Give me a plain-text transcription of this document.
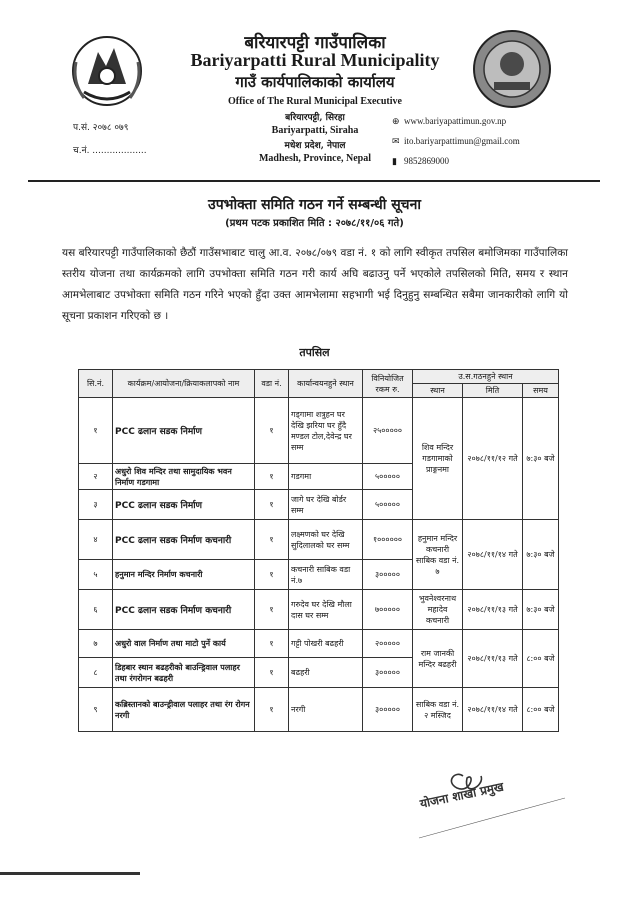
बरियारपट्टी गाउँपालिका
Bariyarpatti Rural Municipality
गाउँ कार्यपालिकाको कार्यालय
Office of The Rural Municipal Executive
बरियारपट्टी, सिरहा
Bariyarpatti, Siraha
मधेश प्रदेश, नेपाल
Madhesh, Province, Nepal
प.सं. २०७८ ०७९
च.नं. ...................
⊕ www.bariyapattimun.gov.np
✉ ito.bariyarpattimun@gmail.com
▮ 9852869000
उपभोक्ता समिति गठन गर्ने सम्बन्धी सूचना
(प्रथम पटक प्रकाशित मिति : २०७८/११/०६ गते)
यस बरियारपट्टी गाउँपालिकाको छैठौं गाउँसभाबाट चालु आ.व. २०७८/०७९ वडा नं. १ को लागि स्वीकृत तपसिल बमोजिमका गाउँपालिका स्तरीय योजना तथा कार्यक्रमको लागि उपभोक्ता समिति गठन गरी कार्य अघि बढाउनु पर्ने भएकोले तपसिलको मिति, समय र स्थान आमभेलाबाट उपभोक्ता समिति गठन गरिने भएको हुँदा उक्त आमभेलामा सहभागी भई दिनुहुनु सम्बन्धित सबैमा जानकारीको लागि यो सूचना प्रकाशन गरिएको छ ।
तपसिल
सि.नं.	कार्यक्रम/आयोजना/क्रियाकलापको नाम	वडा नं.	कार्यान्वयनहुने स्थान	विनियोजित रकम रु.	उ.स.गठनहुने स्थान		
					स्थान	मिति	समय
१	PCC ढलान सडक निर्माण	१	गड्गामा शत्रुहन घर देखि झरिया घर हुँदै मण्डल टोल,देवेन्द्र घर सम्म	२५०००००	शिव मन्दिर गडगामाको प्राङ्गनमा	२०७८/११/१२ गते	७:३० बजे
२	अधुरो शिव मन्दिर तथा सामुदायिक भवन निर्माण गडगामा	१	गडगमा	५०००००			
३	PCC ढलान सडक निर्माण	१	जागे घर देखि बोर्डर सम्म	५०००००			
४	PCC ढलान सडक निर्माण कचनारी	१	लक्ष्मणको घर देखि सुदिलालको घर सम्म	१००००००	हनुमान मन्दिर कचनारी साबिक वडा नं. ७	२०७८/११/१४ गते	७:३० बजे
५	हनुमान मन्दिर निर्माण कचनारी	१	कचनारी साबिक वडा नं.७	३०००००			
६	PCC ढलान सडक निर्माण कचनारी	१	गरुदेव घर देखि मौला दास घर सम्म	७०००००	भुवनेश्वरनाथ महादेव कचनारी	२०७८/११/१३ गते	७:३० बजे
७	अधुरो वाल निर्माण तथा माटो पुर्ने कार्य	१	गट्टी पोखरी बढहरी	२०००००	राम जानकी मन्दिर बढहरी	२०७८/११/१३ गते	८:०० बजे
८	डिहबार स्थान बढहरीको बाउन्ड्रिवाल पलाहर तथा रंगरोगन बढहरी	१	बढहरी	३०००००			
९	कब्रिस्तानको बाउन्ड्रीवाल पलाहर तथा रंग रोगन नरगी	१	नरगी	३०००००	साबिक वडा नं. २ मस्जिद	२०७८/११/१४ गते	८:०० बजे
योजना शाखा प्रमुख
